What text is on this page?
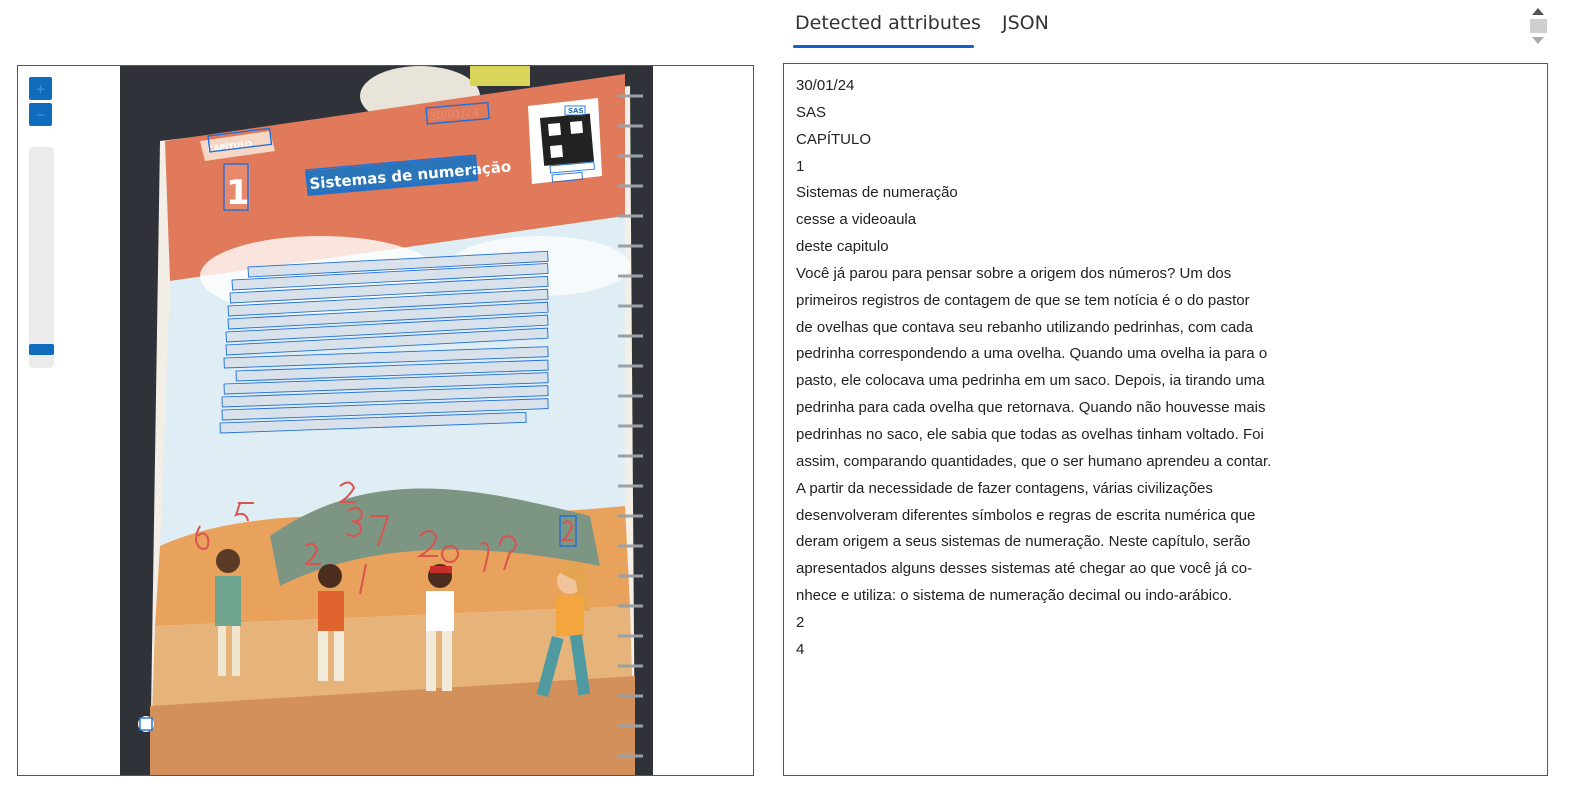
Detected attributes JSON
+
−
CAPÍTULO
1	Sistemas de numeração
30/01/24	SAS
30/01/24
SAS
CAPÍTULO
1
Sistemas de numeração
cesse a videoaula
deste capitulo
Você já parou para pensar sobre a origem dos números? Um dos
primeiros registros de contagem de que se tem notícia é o do pastor
de ovelhas que contava seu rebanho utilizando pedrinhas, com cada
pedrinha correspondendo a uma ovelha. Quando uma ovelha ia para o
pasto, ele colocava uma pedrinha em um saco. Depois, ia tirando uma
pedrinha para cada ovelha que retornava. Quando não houvesse mais
pedrinhas no saco, ele sabia que todas as ovelhas tinham voltado. Foi
assim, comparando quantidades, que o ser humano aprendeu a contar.
A partir da necessidade de fazer contagens, várias civilizações
desenvolveram diferentes símbolos e regras de escrita numérica que
deram origem a seus sistemas de numeração. Neste capítulo, serão
apresentados alguns desses sistemas até chegar ao que você já co-
nhece e utiliza: o sistema de numeração decimal ou indo-arábico.
2
4
